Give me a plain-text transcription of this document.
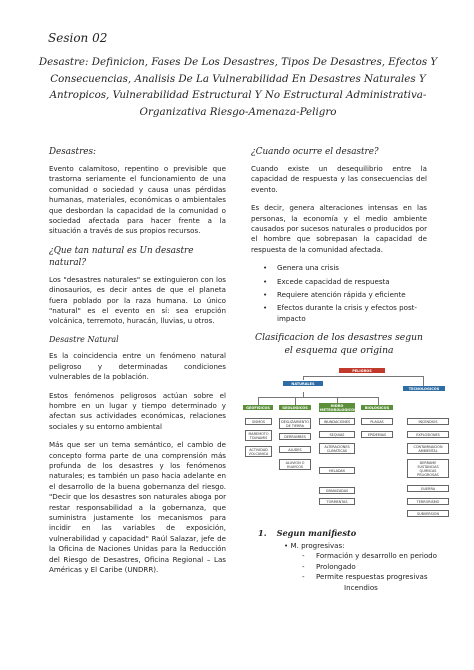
Sesion 02
Desastre: Definicion, Fases De Los Desastres, Tipos De Desastres, Efectos Y Consecuencias, Analisis De La Vulnerabilidad En Desastres Naturales Y Antropicos, Vulnerabilidad Estructural Y No Estructural Administrativa-Organizativa Riesgo-Amenaza-Peligro
Desastres:

Evento calamitoso, repentino o previsible que trastorna seriamente el funcionamiento de una comunidad o sociedad y causa unas pérdidas humanas, materiales, económicas o ambientales que desbordan la capacidad de la comunidad o sociedad afectada para hacer frente a la situación a través de sus propios recursos.

¿Que tan natural es Un desastre natural?

Los "desastres naturales" se extinguieron con los dinosaurios, es decir antes de que el planeta fuera poblado por la raza humana. Lo único "natural" es el evento en sí: sea erupción volcánica, terremoto, huracán, lluvias, u otros.

Desastre Natural

Es la coincidencia entre un fenómeno natural peligroso y determinadas condiciones vulnerables de la población.

Estos fenómenos peligrosos actúan sobre el hombre en un lugar y tiempo determinado y afectan sus actividades económicas, relaciones sociales y su entorno ambiental

Más que ser un tema semántico, el cambio de concepto forma parte de una comprensión más profunda de los desastres y los fenómenos naturales; es también un paso hacia adelante en el desarrollo de la buena gobernanza del riesgo. "Decir que los desastres son naturales aboga por restar responsabilidad a la gobernanza, que suministra justamente los mecanismos para incidir en las variables de exposición, vulnerabilidad y capacidad" Raúl Salazar, jefe de la Oficina de Naciones Unidas para la Reducción del Riesgo de Desastres, Oficina Regional – Las Américas y El Caribe (UNDRR).

¿Cuando ocurre el desastre?

Cuando existe un desequilibrio entre la capacidad de respuesta y las consecuencias del evento.

Es decir, genera alteraciones intensas en las personas, la economía y el medio ambiente causados por sucesos naturales o producidos por el hombre que sobrepasan la capacidad de respuesta de la comunidad afectada.

• Genera una crisis
• Excede capacidad de respuesta
• Requiere atención rápida y eficiente
• Efectos durante la crisis y efectos post-impacto
Clasificacion de los desastres segun el esquema que origina
PELIGROS
NATURALES
TECNOLOGICOS
GEOFISICOS
SISMOS
MAREMOTO TSUNAMIS
ACTIVIDAD VOLCANICA
GEOLOGICOS
DESLIZAMIENTO DE TIERRA
DERRUMBES
ALUDES
ALUVION O HUAYCOS
HIDRO METEOROLOGICOS
INUNDACIONES
SEQUIAS
ALTERACIONES CLIMATICAS
HELADAS
GRANIZADAS
TORMENTAS
BIOLOGICOS
PLAGAS
EPIDEMIAS
INCENDIOS
EXPLOSIONES
CONTAMINACION AMBIENTAL
DERRAME SUSTANCIAS QUIMICAS PELIGROSAS
GUERRA
TERRORISMO
SUBVERSION
1. Segun manifiesto
• M. progresivas:
- Formación y desarrollo en periodo
- Prolongado
- Permite respuestas progresivas
Incendios
